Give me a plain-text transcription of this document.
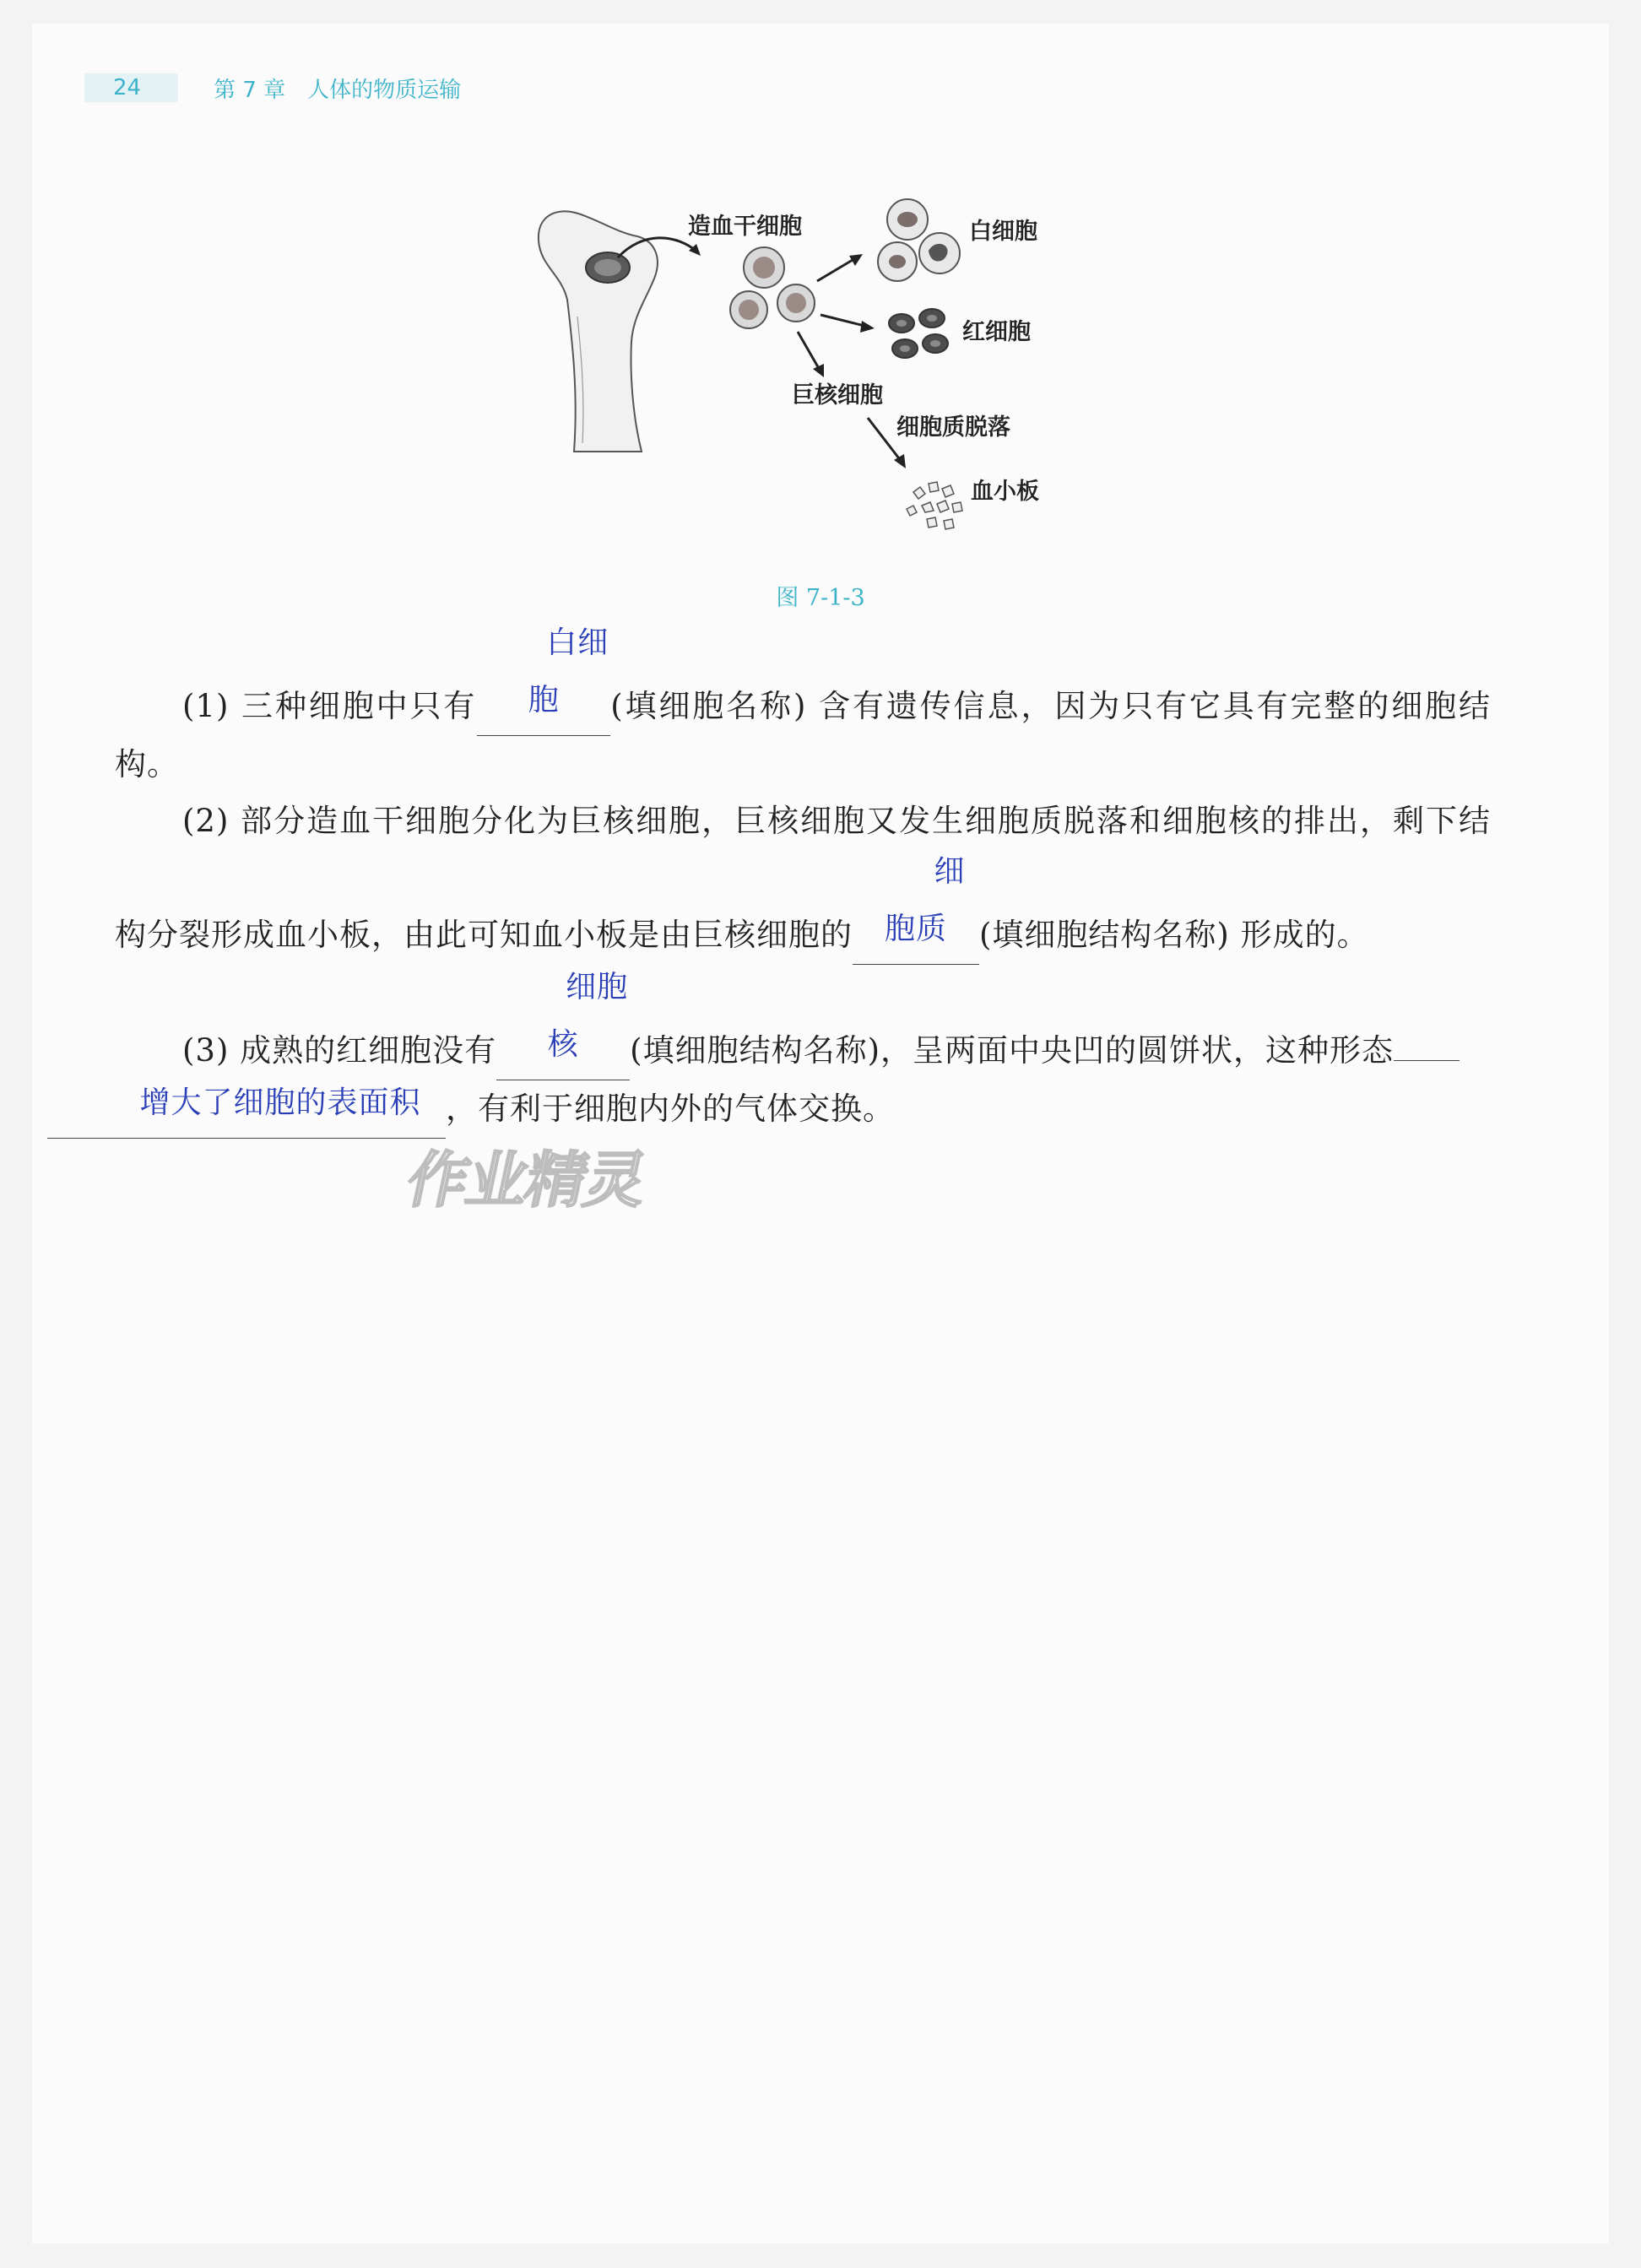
24	第 7 章　人体的物质运输
造血干细胞	白细胞
红细胞
巨核细胞
细胞质脱落
血小板
图 7-1-3

(1) 三种细胞中只有白细胞 (填细胞名称) 含有遗传信息，因为只有它具有完整的细胞结构。

(2) 部分造血干细胞分化为巨核细胞，巨核细胞又发生细胞质脱落和细胞核的排出，剩下结构分裂形成血小板，由此可知血小板是由巨核细胞的细胞质 (填细胞结构名称) 形成的。

(3) 成熟的红细胞没有细胞核 (填细胞结构名称)，呈两面中央凹的圆饼状，这种形态
增大了细胞的表面积 ，有利于细胞内外的气体交换。

作业精灵
